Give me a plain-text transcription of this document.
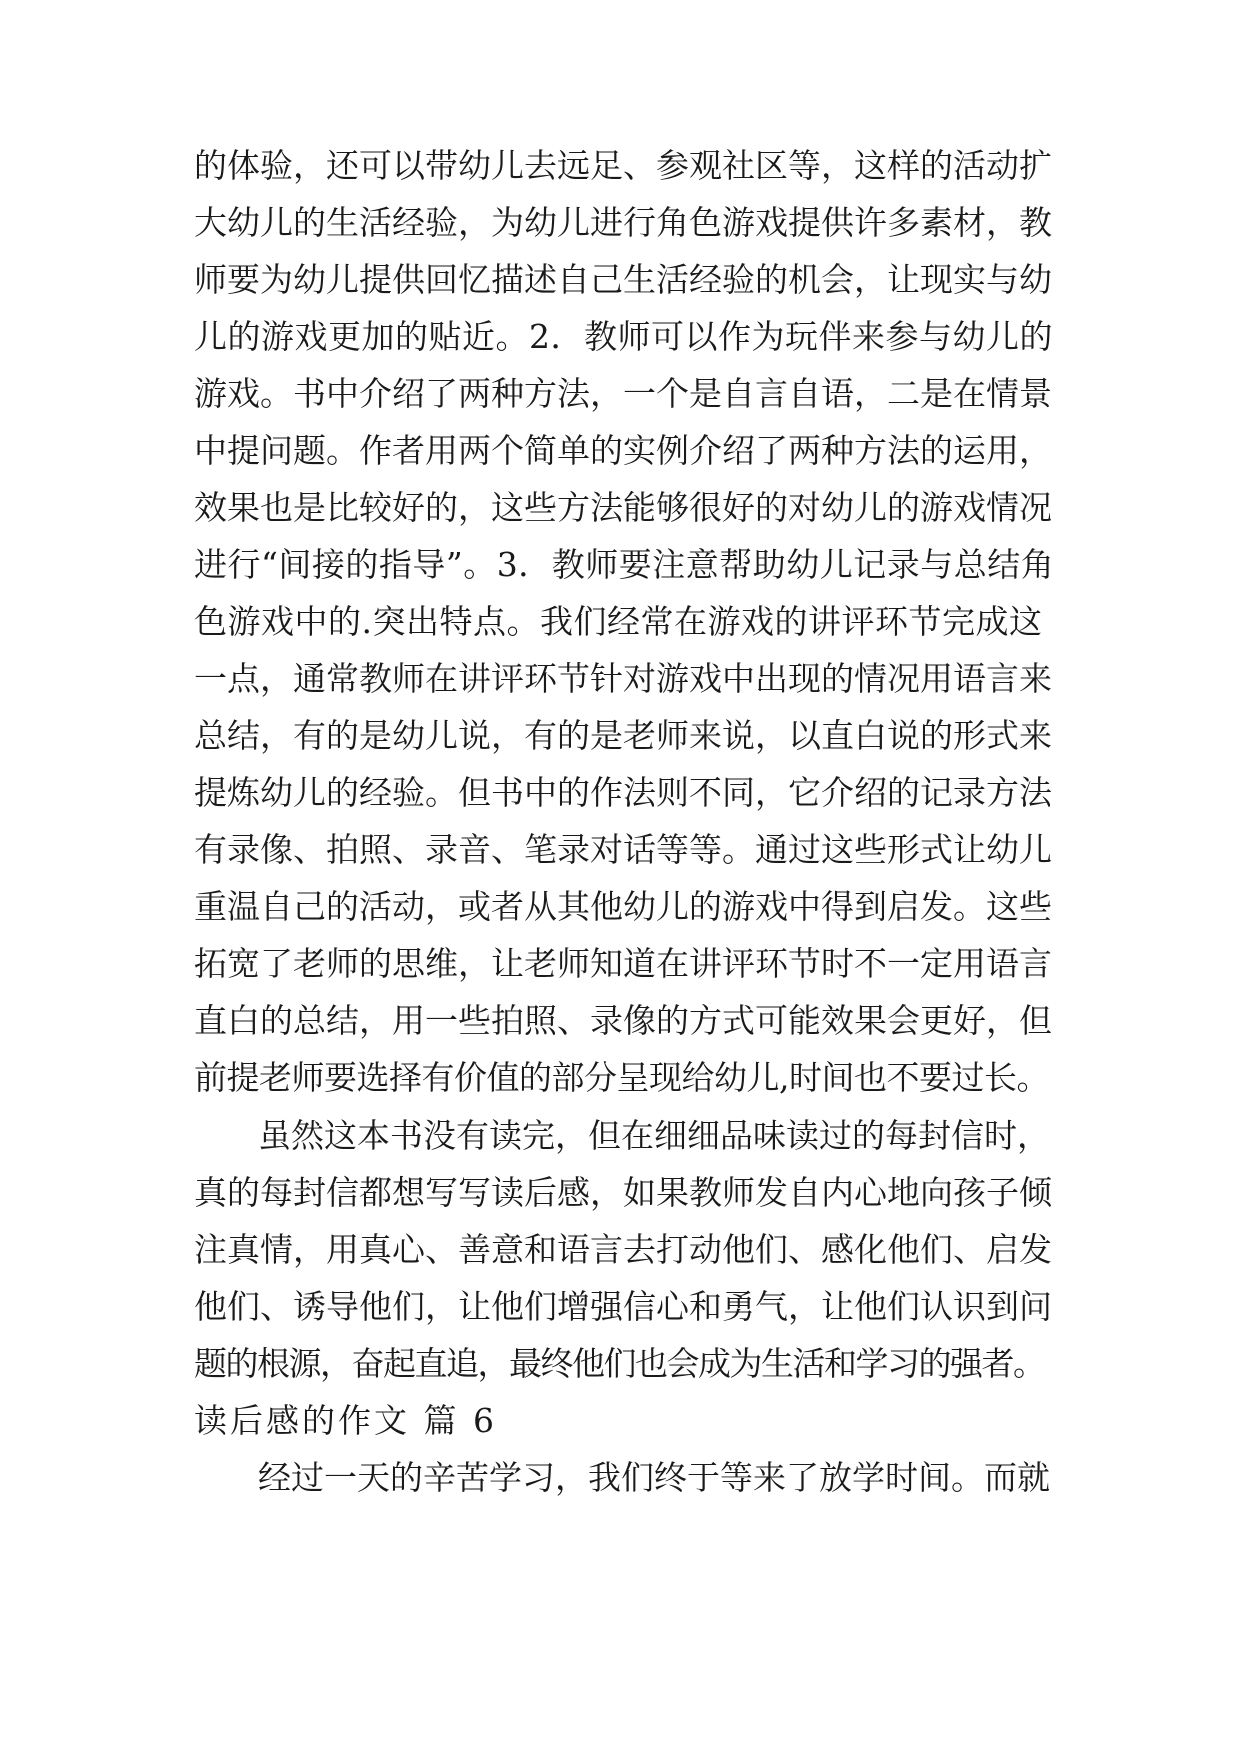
的体验，还可以带幼儿去远足、参观社区等，这样的活动扩
大幼儿的生活经验，为幼儿进行角色游戏提供许多素材，教
师要为幼儿提供回忆描述自己生活经验的机会，让现实与幼
儿的游戏更加的贴近。2．教师可以作为玩伴来参与幼儿的
游戏。书中介绍了两种方法，一个是自言自语，二是在情景
中提问题。作者用两个简单的实例介绍了两种方法的运用，
效果也是比较好的，这些方法能够很好的对幼儿的游戏情况
进行“间接的指导”。3．教师要注意帮助幼儿记录与总结角
色游戏中的.突出特点。我们经常在游戏的讲评环节完成这
一点，通常教师在讲评环节针对游戏中出现的情况用语言来
总结，有的是幼儿说，有的是老师来说，以直白说的形式来
提炼幼儿的经验。但书中的作法则不同，它介绍的记录方法
有录像、拍照、录音、笔录对话等等。通过这些形式让幼儿
重温自己的活动，或者从其他幼儿的游戏中得到启发。这些
拓宽了老师的思维，让老师知道在讲评环节时不一定用语言
直白的总结，用一些拍照、录像的方式可能效果会更好，但
前提老师要选择有价值的部分呈现给幼儿,时间也不要过长。
虽然这本书没有读完，但在细细品味读过的每封信时，
真的每封信都想写写读后感，如果教师发自内心地向孩子倾
注真情，用真心、善意和语言去打动他们、感化他们、启发
他们、诱导他们，让他们增强信心和勇气，让他们认识到问
题的根源，奋起直追，最终他们也会成为生活和学习的强者。
读后感的作文 篇 6
经过一天的辛苦学习，我们终于等来了放学时间。而就
